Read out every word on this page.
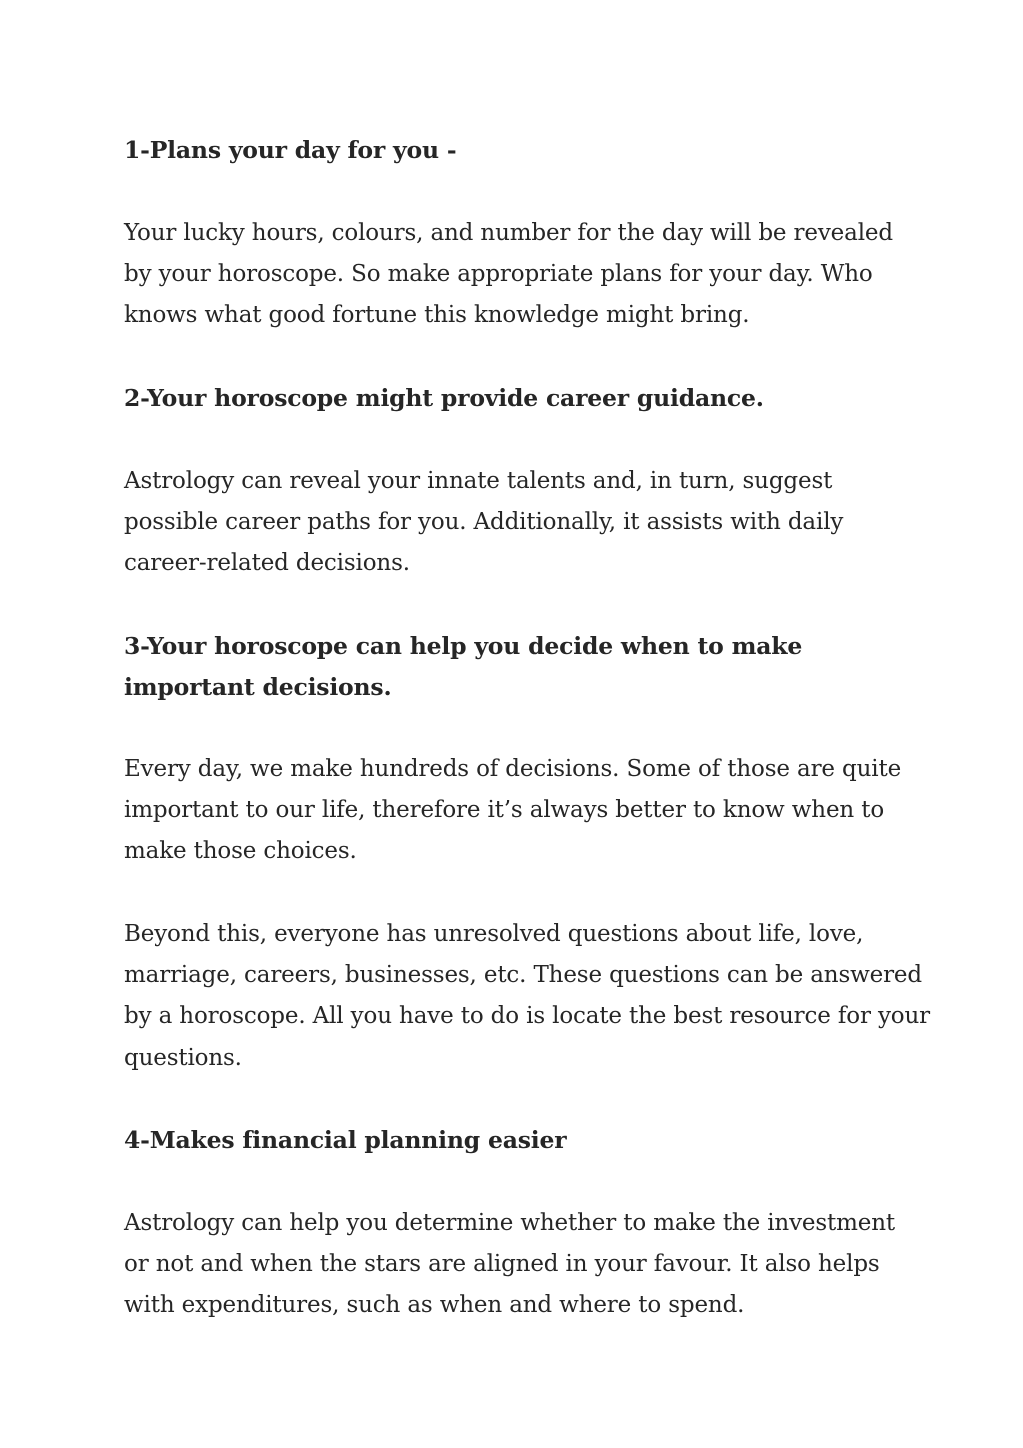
1-Plans your day for you -

Your lucky hours, colours, and number for the day will be revealed
by your horoscope. So make appropriate plans for your day. Who
knows what good fortune this knowledge might bring.

2-Your horoscope might provide career guidance.

Astrology can reveal your innate talents and, in turn, suggest
possible career paths for you. Additionally, it assists with daily
career-related decisions.

3-Your horoscope can help you decide when to make
important decisions.

Every day, we make hundreds of decisions. Some of those are quite
important to our life, therefore it’s always better to know when to
make those choices.

Beyond this, everyone has unresolved questions about life, love,
marriage, careers, businesses, etc. These questions can be answered
by a horoscope. All you have to do is locate the best resource for your
questions.

4-Makes financial planning easier

Astrology can help you determine whether to make the investment
or not and when the stars are aligned in your favour. It also helps
with expenditures, such as when and where to spend.
